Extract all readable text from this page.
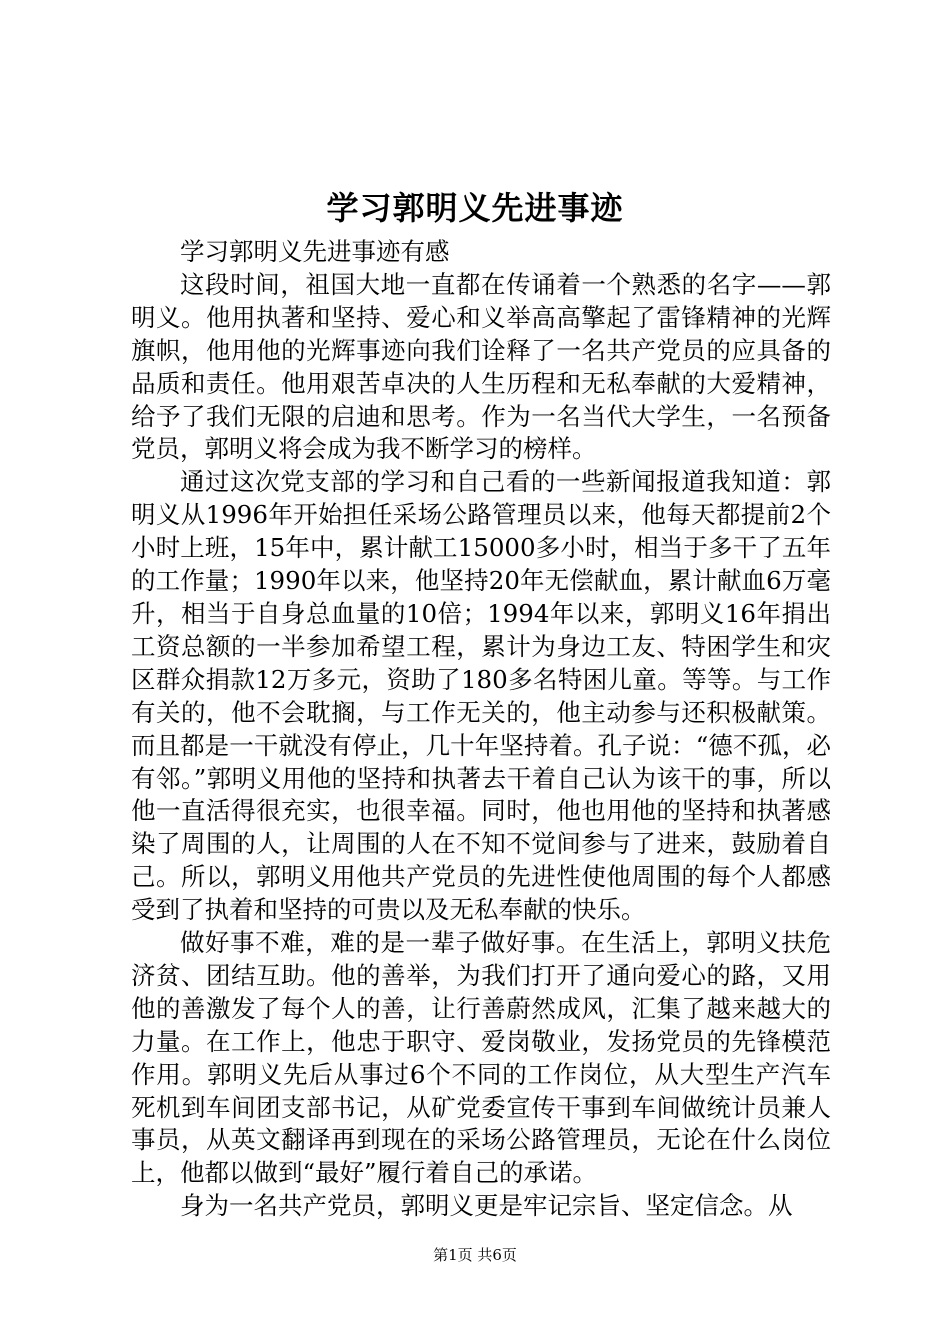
学习郭明义先进事迹

学习郭明义先进事迹有感

这段时间，祖国大地一直都在传诵着一个熟悉的名字——郭明义。他用执著和坚持、爱心和义举高高擎起了雷锋精神的光辉旗帜，他用他的光辉事迹向我们诠释了一名共产党员的应具备的品质和责任。他用艰苦卓决的人生历程和无私奉献的大爱精神，给予了我们无限的启迪和思考。作为一名当代大学生，一名预备党员，郭明义将会成为我不断学习的榜样。

通过这次党支部的学习和自己看的一些新闻报道我知道：郭明义从1996年开始担任采场公路管理员以来，他每天都提前2个小时上班，15年中，累计献工15000多小时，相当于多干了五年的工作量；1990年以来，他坚持20年无偿献血，累计献血6万毫升，相当于自身总血量的10倍；1994年以来，郭明义16年捐出工资总额的一半参加希望工程，累计为身边工友、特困学生和灾区群众捐款12万多元，资助了180多名特困儿童。等等。与工作有关的，他不会耽搁，与工作无关的，他主动参与还积极献策。而且都是一干就没有停止，几十年坚持着。孔子说：“德不孤，必有邻。”郭明义用他的坚持和执著去干着自己认为该干的事，所以他一直活得很充实，也很幸福。同时，他也用他的坚持和执著感染了周围的人，让周围的人在不知不觉间参与了进来，鼓励着自己。所以，郭明义用他共产党员的先进性使他周围的每个人都感受到了执着和坚持的可贵以及无私奉献的快乐。

做好事不难，难的是一辈子做好事。在生活上，郭明义扶危济贫、团结互助。他的善举，为我们打开了通向爱心的路，又用他的善激发了每个人的善，让行善蔚然成风，汇集了越来越大的力量。在工作上，他忠于职守、爱岗敬业，发扬党员的先锋模范作用。郭明义先后从事过6个不同的工作岗位，从大型生产汽车死机到车间团支部书记，从矿党委宣传干事到车间做统计员兼人事员，从英文翻译再到现在的采场公路管理员，无论在什么岗位上，他都以做到“最好”履行着自己的承诺。

身为一名共产党员，郭明义更是牢记宗旨、坚定信念。从

第1页 共6页
